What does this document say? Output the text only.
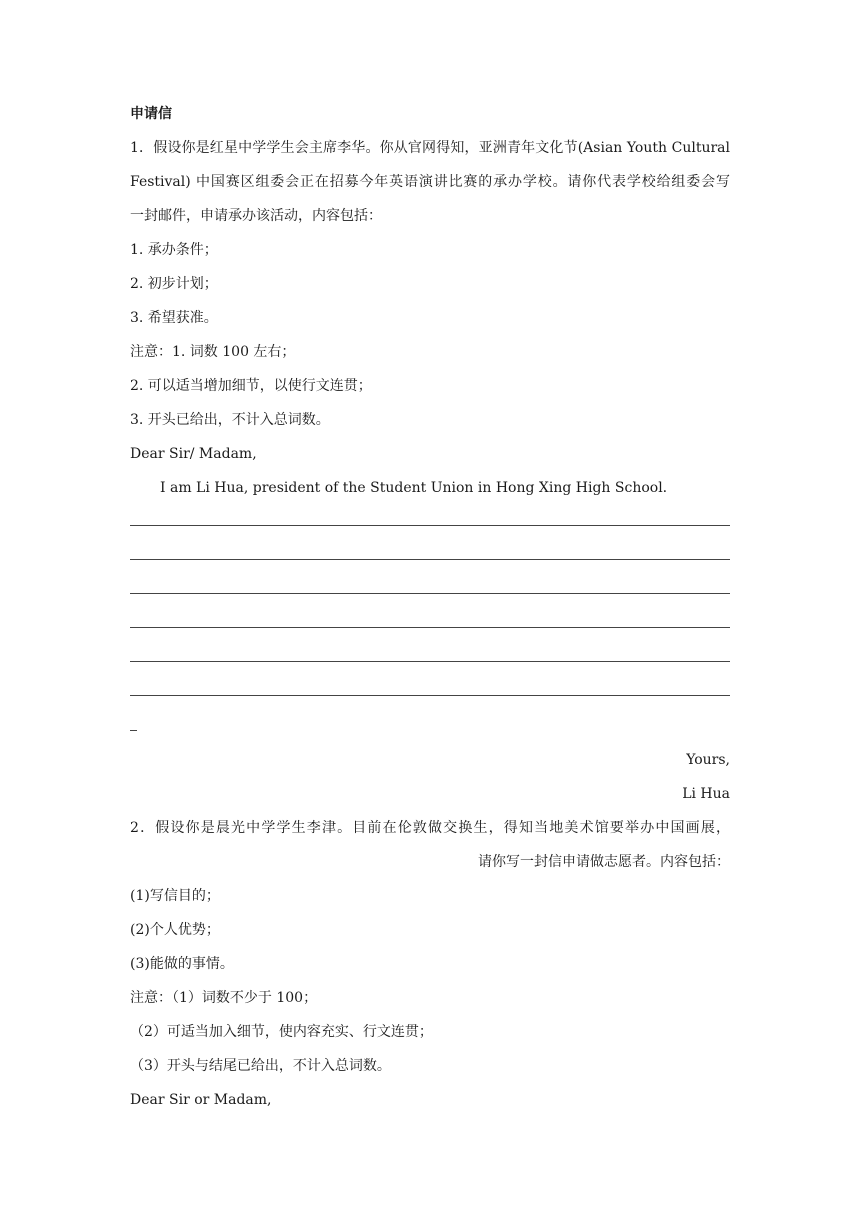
申请信
1．假设你是红星中学学生会主席李华。你从官网得知，亚洲青年文化节(Asian Youth Cultural
Festival) 中国赛区组委会正在招募今年英语演讲比赛的承办学校。请你代表学校给组委会写
一封邮件，申请承办该活动，内容包括：
1. 承办条件；
2. 初步计划；
3. 希望获准。
注意：1. 词数 100 左右；
2. 可以适当增加细节，以使行文连贯；
3. 开头已给出，不计入总词数。
Dear Sir/ Madam,
I am Li Hua, president of the Student Union in Hong Xing High School.
Yours,
Li Hua
2．假设你是晨光中学学生李津。目前在伦敦做交换生，得知当地美术馆要举办中国画展，
请你写一封信申请做志愿者。内容包括：
(1)写信目的；
(2)个人优势；
(3)能做的事情。
注意：（1）词数不少于 100；
（2）可适当加入细节，使内容充实、行文连贯；
（3）开头与结尾已给出，不计入总词数。
Dear Sir or Madam,
